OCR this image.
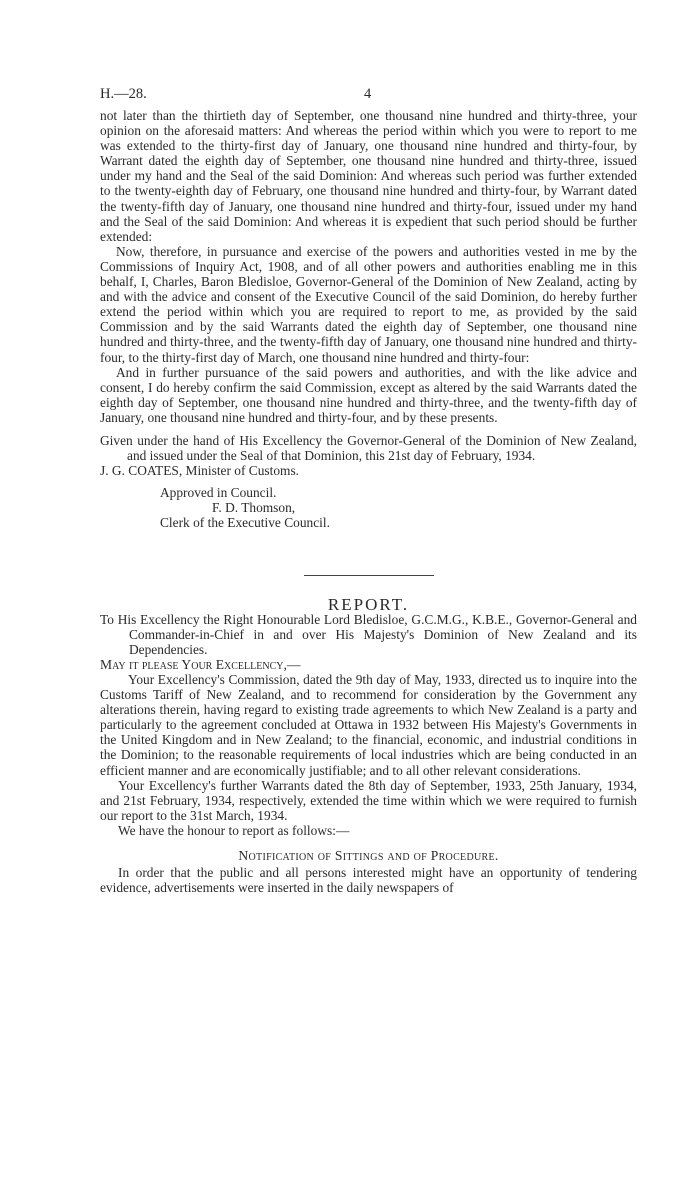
H.—28.	4

not later than the thirtieth day of September, one thousand nine hundred and thirty-three, your opinion on the aforesaid matters: And whereas the period within which you were to report to me was extended to the thirty-first day of January, one thousand nine hundred and thirty-four, by Warrant dated the eighth day of September, one thousand nine hundred and thirty-three, issued under my hand and the Seal of the said Dominion: And whereas such period was further extended to the twenty-eighth day of February, one thousand nine hundred and thirty-four, by Warrant dated the twenty-fifth day of January, one thousand nine hundred and thirty-four, issued under my hand and the Seal of the said Dominion: And whereas it is expedient that such period should be further extended:

Now, therefore, in pursuance and exercise of the powers and authorities vested in me by the Commissions of Inquiry Act, 1908, and of all other powers and authorities enabling me in this behalf, I, Charles, Baron Bledisloe, Governor-General of the Dominion of New Zealand, acting by and with the advice and consent of the Executive Council of the said Dominion, do hereby further extend the period within which you are required to report to me, as provided by the said Commission and by the said Warrants dated the eighth day of September, one thousand nine hundred and thirty-three, and the twenty-fifth day of January, one thousand nine hundred and thirty-four, to the thirty-first day of March, one thousand nine hundred and thirty-four:

And in further pursuance of the said powers and authorities, and with the like advice and consent, I do hereby confirm the said Commission, except as altered by the said Warrants dated the eighth day of September, one thousand nine hundred and thirty-three, and the twenty-fifth day of January, one thousand nine hundred and thirty-four, and by these presents.

Given under the hand of His Excellency the Governor-General of the Dominion of New Zealand, and issued under the Seal of that Dominion, this 21st day of February, 1934.

J. G. COATES, Minister of Customs.

Approved in Council.
F. D. Thomson,
Clerk of the Executive Council.
REPORT.

To His Excellency the Right Honourable Lord Bledisloe, G.C.M.G., K.B.E., Governor-General and Commander-in-Chief in and over His Majesty's Dominion of New Zealand and its Dependencies.

May it please Your Excellency,—

Your Excellency's Commission, dated the 9th day of May, 1933, directed us to inquire into the Customs Tariff of New Zealand, and to recommend for consideration by the Government any alterations therein, having regard to existing trade agreements to which New Zealand is a party and particularly to the agreement concluded at Ottawa in 1932 between His Majesty's Governments in the United Kingdom and in New Zealand; to the financial, economic, and industrial conditions in the Dominion; to the reasonable requirements of local industries which are being conducted in an efficient manner and are economically justifiable; and to all other relevant considerations.

Your Excellency's further Warrants dated the 8th day of September, 1933, 25th January, 1934, and 21st February, 1934, respectively, extended the time within which we were required to furnish our report to the 31st March, 1934.

We have the honour to report as follows:—

Notification of Sittings and of Procedure.

In order that the public and all persons interested might have an opportunity of tendering evidence, advertisements were inserted in the daily newspapers of
